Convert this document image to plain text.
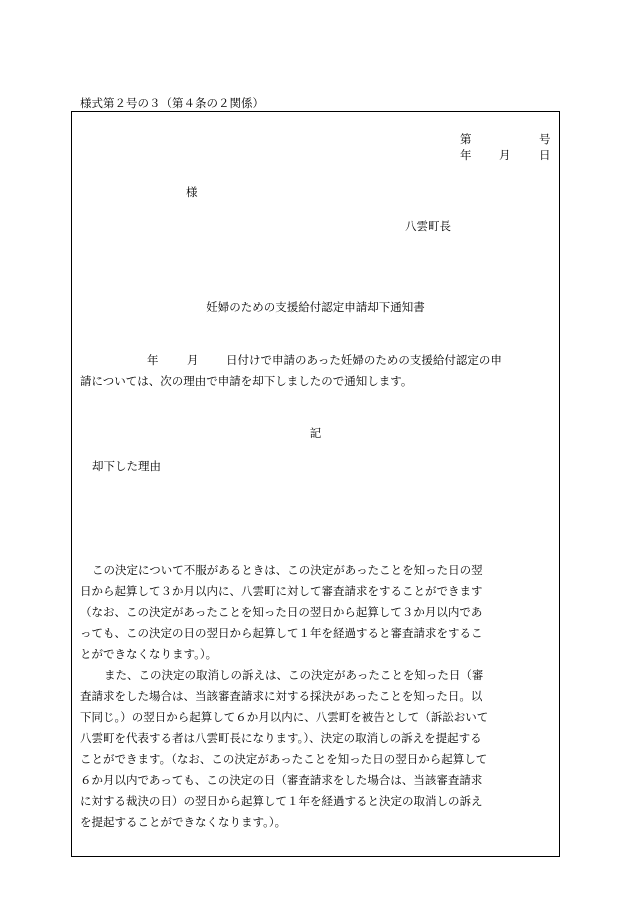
様式第２号の３（第４条の２関係）
第	号
年 月 日
様
八雲町長
妊婦のための支援給付認定申請却下通知書
年 月 日付けで申請のあった妊婦のための支援給付認定の申
請については、次の理由で申請を却下しましたので通知します。
記
却下した理由

この決定について不服があるときは、この決定があったことを知った日の翌

日から起算して３か月以内に、八雲町に対して審査請求をすることができます

（なお、この決定があったことを知った日の翌日から起算して３か月以内であ

っても、この決定の日の翌日から起算して１年を経過すると審査請求をするこ

とができなくなります。）。

また、この決定の取消しの訴えは、この決定があったことを知った日（審

査請求をした場合は、当該審査請求に対する採決があったことを知った日。以

下同じ。）の翌日から起算して６か月以内に、八雲町を被告として（訴訟おいて

八雲町を代表する者は八雲町長になります。）、決定の取消しの訴えを提起する

ことができます。（なお、この決定があったことを知った日の翌日から起算して

６か月以内であっても、この決定の日（審査請求をした場合は、当該審査請求

に対する裁決の日）の翌日から起算して１年を経過すると決定の取消しの訴え

を提起することができなくなります。）。
